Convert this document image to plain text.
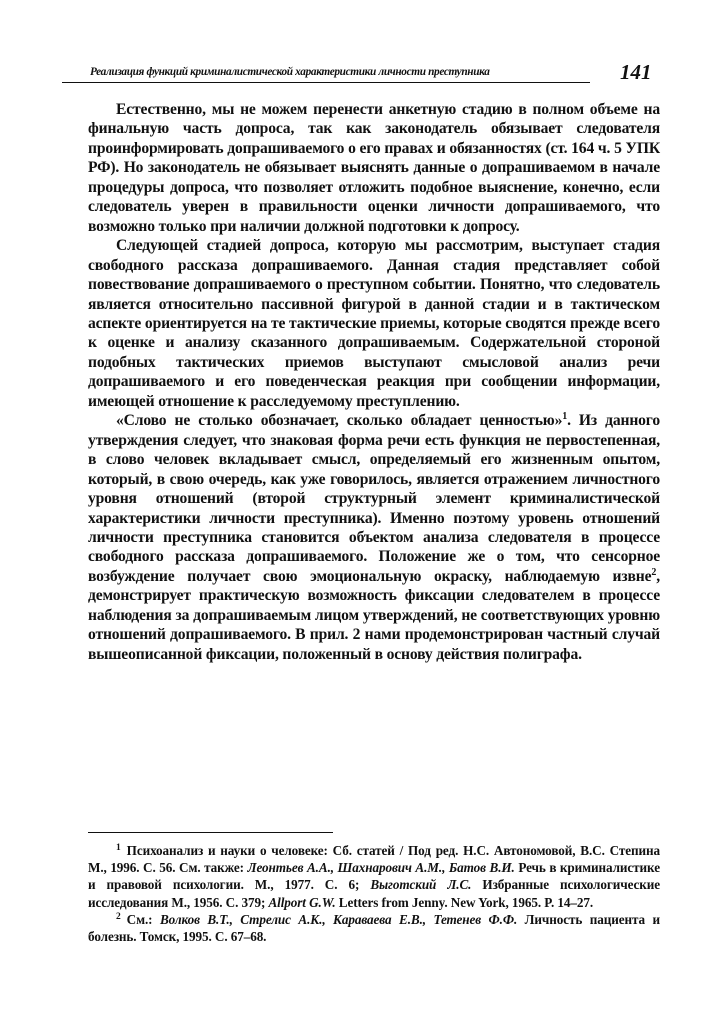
Реализация функций криминалистической характеристики личности преступника	141

Естественно, мы не можем перенести анкетную стадию в полном объеме на финальную часть допроса, так как законодатель обязывает следователя проинформировать допрашиваемого о его правах и обязанностях (ст. 164 ч. 5 УПК РФ). Но законодатель не обязывает выяснять данные о допрашиваемом в начале процедуры допроса, что позволяет отложить подобное выяснение, конечно, если следователь уверен в правильности оценки личности допрашиваемого, что возможно только при наличии должной подготовки к допросу.

Следующей стадией допроса, которую мы рассмотрим, выступает стадия свободного рассказа допрашиваемого. Данная стадия представляет собой повествование допрашиваемого о преступном событии. Понятно, что следователь является относительно пассивной фигурой в данной стадии и в тактическом аспекте ориентируется на те тактические приемы, которые сводятся прежде всего к оценке и анализу сказанного допрашиваемым. Содержательной стороной подобных тактических приемов выступают смысловой анализ речи допрашиваемого и его поведенческая реакция при сообщении информации, имеющей отношение к расследуемому преступлению.

«Слово не столько обозначает, сколько обладает ценностью»$^1$. Из данного утверждения следует, что знаковая форма речи есть функция не первостепенная, в слово человек вкладывает смысл, определяемый его жизненным опытом, который, в свою очередь, как уже говорилось, является отражением личностного уровня отношений (второй структурный элемент криминалистической характеристики личности преступника). Именно поэтому уровень отношений личности преступника становится объектом анализа следователя в процессе свободного рассказа допрашиваемого. Положение же о том, что сенсорное возбуждение получает свою эмоциональную окраску, наблюдаемую извне$^2$, демонстрирует практическую возможность фиксации следователем в процессе наблюдения за допрашиваемым лицом утверждений, не соответствующих уровню отношений допрашиваемого. В прил. 2 нами продемонстрирован частный случай вышеописанной фиксации, положенный в основу действия полиграфа.

$^1$ Психоанализ и науки о человеке: Сб. статей / Под ред. Н.С. Автономовой, В.С. Степина М., 1996. С. 56. См. также: Леонтьев А.А., Шахнарович А.М., Батов В.И. Речь в криминалистике и правовой психологии. М., 1977. С. 6; Выготский Л.С. Избранные психологические исследования М., 1956. С. 379; Allport G.W. Letters from Jenny. New York, 1965. P. 14–27.

$^2$ См.: Волков В.Т., Стрелис А.К., Караваева Е.В., Тетенев Ф.Ф. Личность пациента и болезнь. Томск, 1995. С. 67–68.
